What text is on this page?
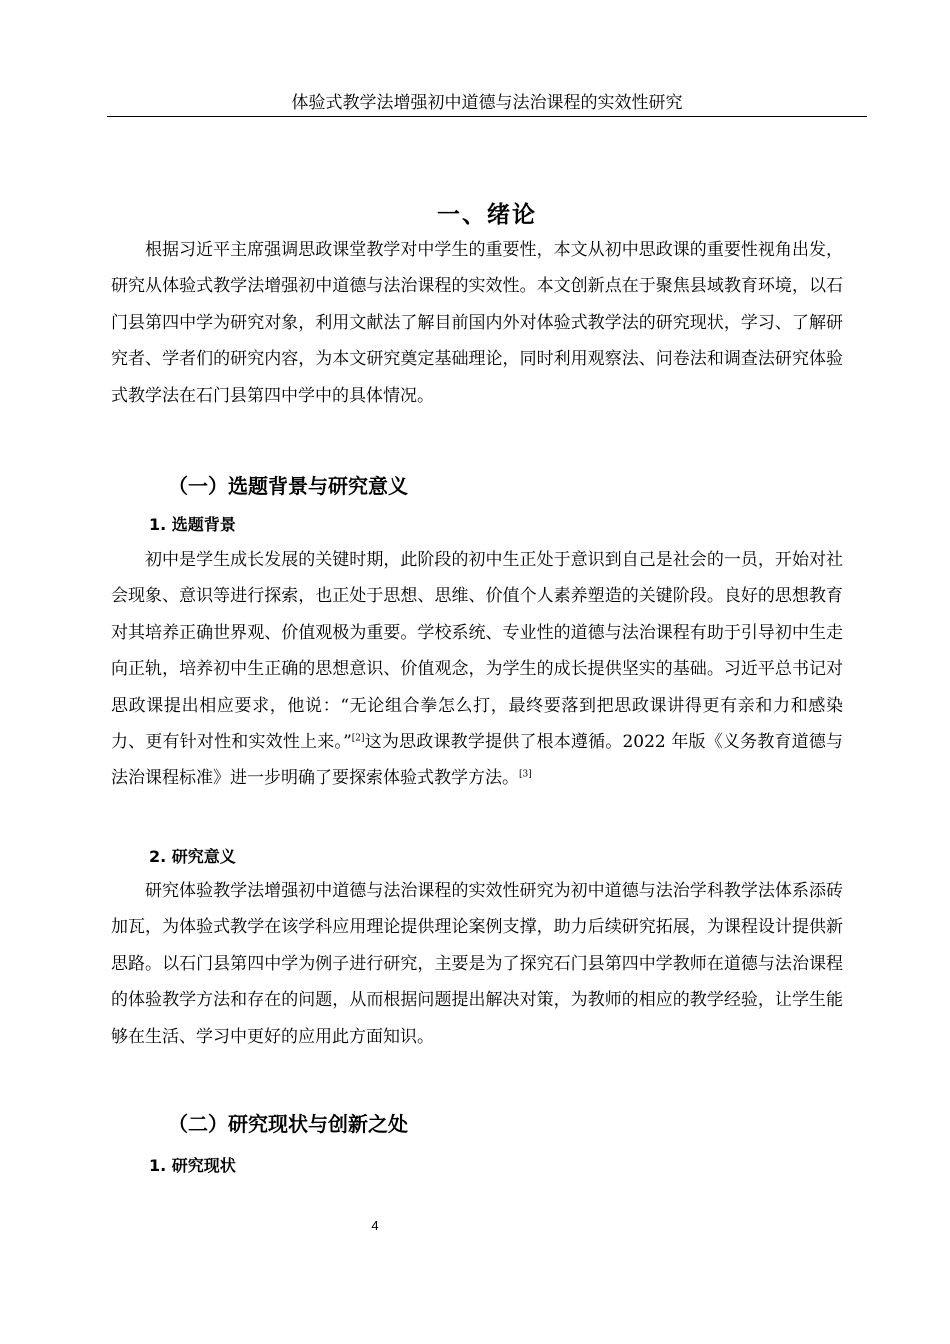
体验式教学法增强初中道德与法治课程的实效性研究
一、绪论

根据习近平主席强调思政课堂教学对中学生的重要性，本文从初中思政课的重要性视角出发，研究从体验式教学法增强初中道德与法治课程的实效性。本文创新点在于聚焦县域教育环境，以石门县第四中学为研究对象，利用文献法了解目前国内外对体验式教学法的研究现状，学习、了解研究者、学者们的研究内容，为本文研究奠定基础理论，同时利用观察法、问卷法和调查法研究体验式教学法在石门县第四中学中的具体情况。

（一）选题背景与研究意义
1. 选题背景

初中是学生成长发展的关键时期，此阶段的初中生正处于意识到自己是社会的一员，开始对社会现象、意识等进行探索，也正处于思想、思维、价值个人素养塑造的关键阶段。良好的思想教育对其培养正确世界观、价值观极为重要。学校系统、专业性的道德与法治课程有助于引导初中生走向正轨，培养初中生正确的思想意识、价值观念，为学生的成长提供坚实的基础。习近平总书记对思政课提出相应要求，他说：“无论组合拳怎么打，最终要落到把思政课讲得更有亲和力和感染力、更有针对性和实效性上来。”[2]这为思政课教学提供了根本遵循。2022 年版《义务教育道德与法治课程标准》进一步明确了要探索体验式教学方法。[3]

2. 研究意义

研究体验教学法增强初中道德与法治课程的实效性研究为初中道德与法治学科教学法体系添砖加瓦，为体验式教学在该学科应用理论提供理论案例支撑，助力后续研究拓展，为课程设计提供新思路。以石门县第四中学为例子进行研究，主要是为了探究石门县第四中学教师在道德与法治课程的体验教学方法和存在的问题，从而根据问题提出解决对策，为教师的相应的教学经验，让学生能够在生活、学习中更好的应用此方面知识。

（二）研究现状与创新之处
1. 研究现状
4
